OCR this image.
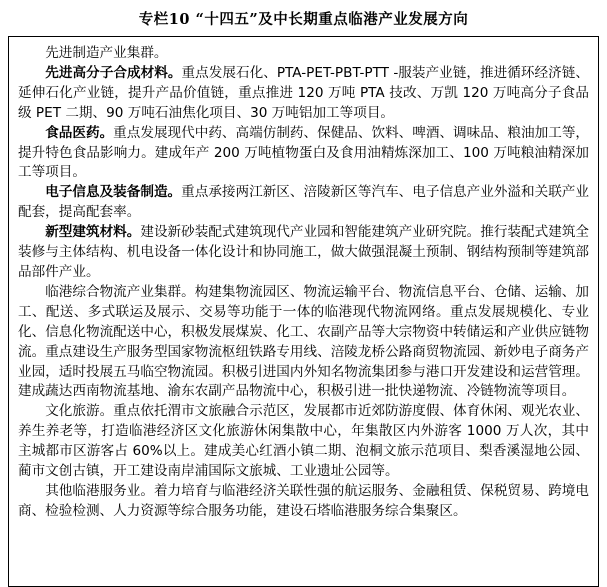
专栏10 “十四五”及中长期重点临港产业发展方向

先进制造产业集群。

先进高分子合成材料。重点发展石化、PTA-PET-PBT-PTT -服装产业链，推进循环经济链、延伸石化产业链，提升产品价值链，重点推进 120 万吨 PTA 技改、万凯 120 万吨高分子食品级 PET 二期、90 万吨石油焦化项目、30 万吨铝加工等项目。

食品医药。重点发展现代中药、高端仿制药、保健品、饮料、啤酒、调味品、粮油加工等，提升特色食品影响力。建成年产 200 万吨植物蛋白及食用油精炼深加工、100 万吨粮油精深加工等项目。

电子信息及装备制造。重点承接两江新区、涪陵新区等汽车、电子信息产业外溢和关联产业配套，提高配套率。

新型建筑材料。建设新砂装配式建筑现代产业园和智能建筑产业研究院。推行装配式建筑全装修与主体结构、机电设备一体化设计和协同施工，做大做强混凝土预制、钢结构预制等建筑部品部件产业。

临港综合物流产业集群。构建集物流园区、物流运输平台、物流信息平台、仓储、运输、加工、配送、多式联运及展示、交易等功能于一体的临港现代物流网络。重点发展规模化、专业化、信息化物流配送中心，积极发展煤炭、化工、农副产品等大宗物资中转储运和产业供应链物流。重点建设生产服务型国家物流枢纽铁路专用线、涪陵龙桥公路商贸物流园、新妙电子商务产业园，适时投展五马临空物流园。积极引进国内外知名物流集团参与港口开发建设和运营管理。建成蔬达西南物流基地、渝东农副产品物流中心，积极引进一批快递物流、冷链物流等项目。

文化旅游。重点依托渭市文旅融合示范区，发展都市近郊防游度假、体育休闲、观光农业、养生养老等，打造临港经济区文化旅游休闲集散中心，年集散区内外游客 1000 万人次，其中主城都市区游客占 60%以上。建成美心红酒小镇二期、泡桐文旅示范项目、梨香溪湿地公园、蔺市文创古镇，开工建设南岸浦国际文旅城、工业遗址公园等。

其他临港服务业。着力培育与临港经济关联性强的航运服务、金融租赁、保税贸易、跨境电商、检验检测、人力资源等综合服务功能，建设石塔临港服务综合集聚区。
